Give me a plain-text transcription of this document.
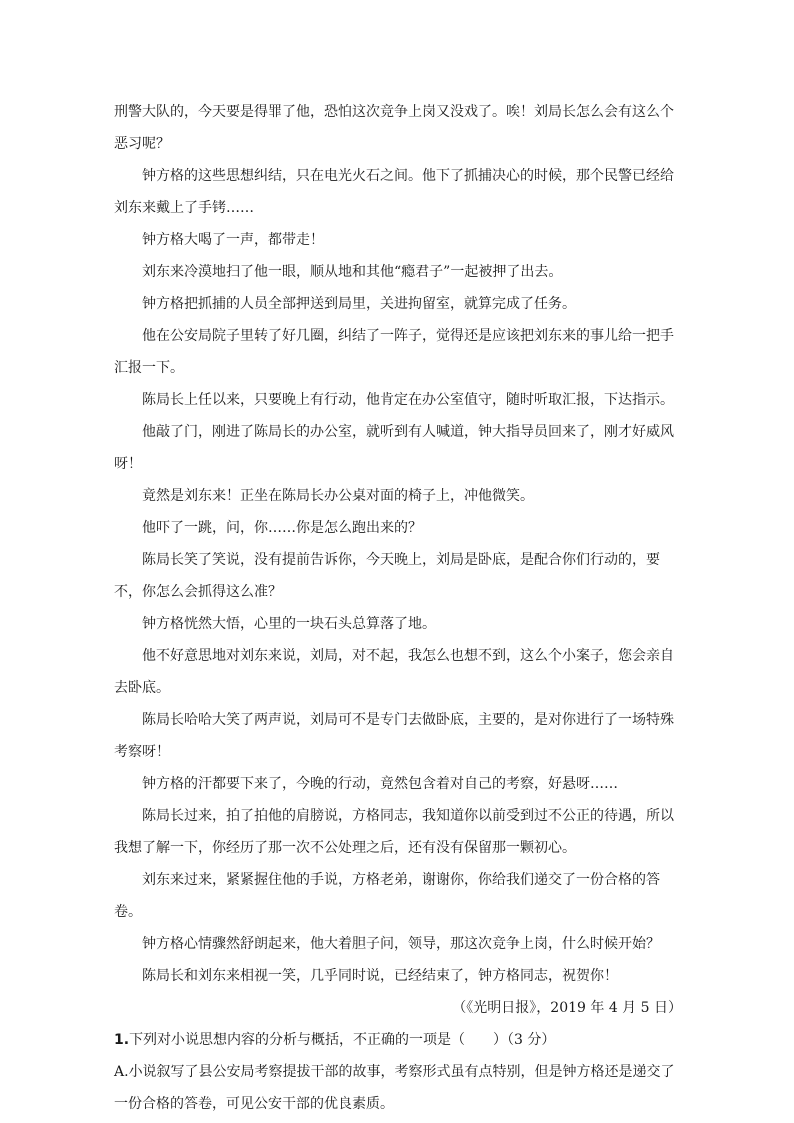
刑警大队的，今天要是得罪了他，恐怕这次竞争上岗又没戏了。唉！刘局长怎么会有这么个恶习呢？

钟方格的这些思想纠结，只在电光火石之间。他下了抓捕决心的时候，那个民警已经给刘东来戴上了手铐……

钟方格大喝了一声，都带走！

刘东来冷漠地扫了他一眼，顺从地和其他“瘾君子”一起被押了出去。

钟方格把抓捕的人员全部押送到局里，关进拘留室，就算完成了任务。

他在公安局院子里转了好几圈，纠结了一阵子，觉得还是应该把刘东来的事儿给一把手汇报一下。

陈局长上任以来，只要晚上有行动，他肯定在办公室值守，随时听取汇报，下达指示。

他敲了门，刚进了陈局长的办公室，就听到有人喊道，钟大指导员回来了，刚才好威风呀！

竟然是刘东来！正坐在陈局长办公桌对面的椅子上，冲他微笑。

他吓了一跳，问，你……你是怎么跑出来的？

陈局长笑了笑说，没有提前告诉你，今天晚上，刘局是卧底，是配合你们行动的，要不，你怎么会抓得这么准？

钟方格恍然大悟，心里的一块石头总算落了地。

他不好意思地对刘东来说，刘局，对不起，我怎么也想不到，这么个小案子，您会亲自去卧底。

陈局长哈哈大笑了两声说，刘局可不是专门去做卧底，主要的，是对你进行了一场特殊考察呀！

钟方格的汗都要下来了，今晚的行动，竟然包含着对自己的考察，好悬呀……

陈局长过来，拍了拍他的肩膀说，方格同志，我知道你以前受到过不公正的待遇，所以我想了解一下，你经历了那一次不公处理之后，还有没有保留那一颗初心。

刘东来过来，紧紧握住他的手说，方格老弟，谢谢你，你给我们递交了一份合格的答卷。

钟方格心情骤然舒朗起来，他大着胆子问，领导，那这次竞争上岗，什么时候开始？

陈局长和刘东来相视一笑，几乎同时说，已经结束了，钟方格同志，祝贺你！

（《光明日报》，2019 年 4 月 5 日）

1.下列对小说思想内容的分析与概括，不正确的一项是（　　）（3 分）

A.小说叙写了县公安局考察提拔干部的故事，考察形式虽有点特别，但是钟方格还是递交了一份合格的答卷，可见公安干部的优良素质。
